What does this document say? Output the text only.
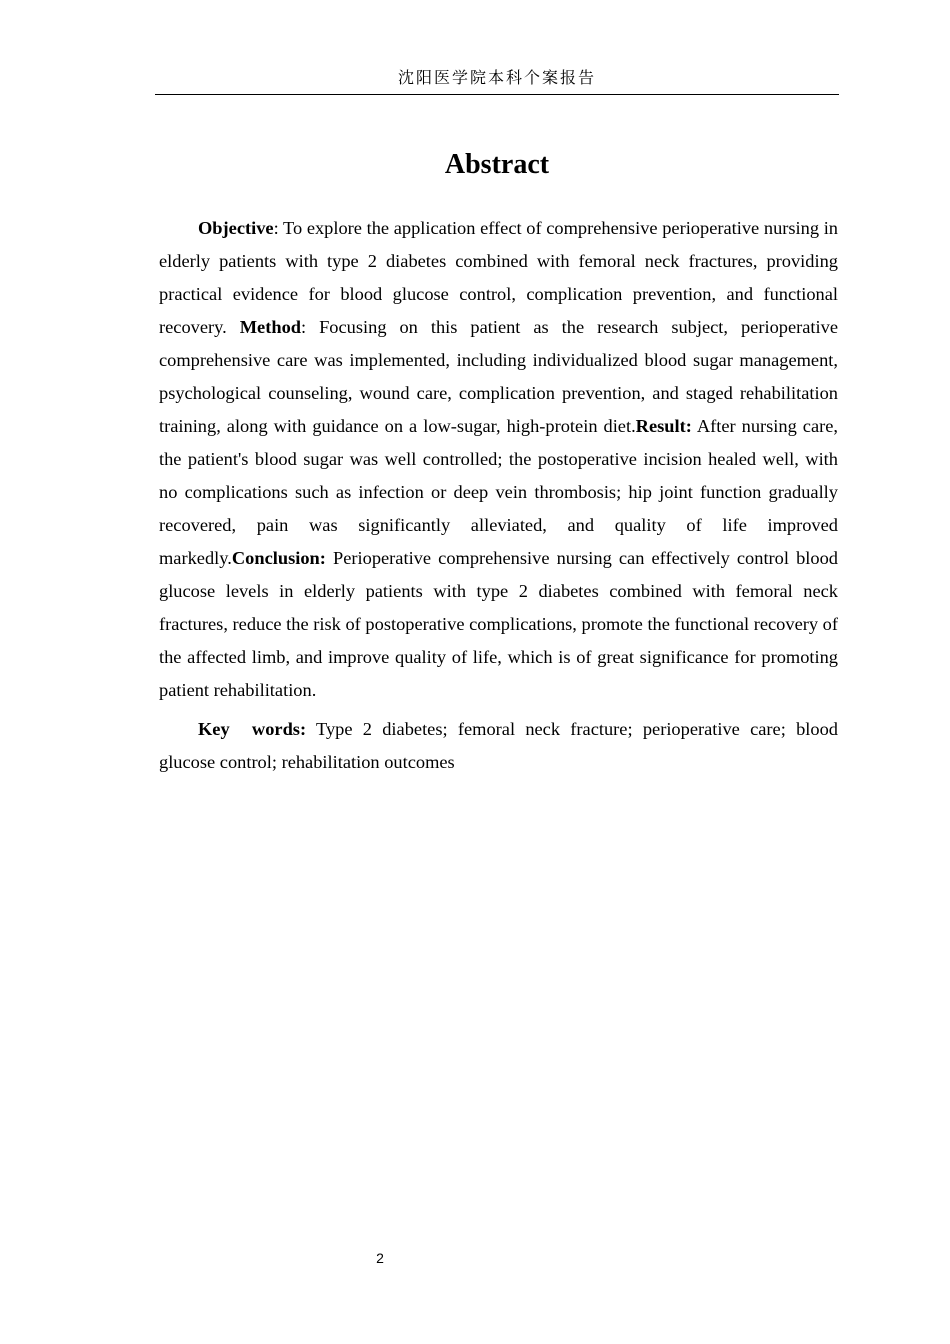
沈阳医学院本科个案报告
Abstract

Objective: To explore the application effect of comprehensive perioperative nursing in elderly patients with type 2 diabetes combined with femoral neck fractures, providing practical evidence for blood glucose control, complication prevention, and functional recovery. Method: Focusing on this patient as the research subject, perioperative comprehensive care was implemented, including individualized blood sugar management, psychological counseling, wound care, complication prevention, and staged rehabilitation training, along with guidance on a low-sugar, high-protein diet.Result: After nursing care, the patient's blood sugar was well controlled; the postoperative incision healed well, with no complications such as infection or deep vein thrombosis; hip joint function gradually recovered, pain was significantly alleviated, and quality of life improved markedly.Conclusion: Perioperative comprehensive nursing can effectively control blood glucose levels in elderly patients with type 2 diabetes combined with femoral neck fractures, reduce the risk of postoperative complications, promote the functional recovery of the affected limb, and improve quality of life, which is of great significance for promoting patient rehabilitation.

Key words: Type 2 diabetes; femoral neck fracture; perioperative care; blood glucose control; rehabilitation outcomes

2
